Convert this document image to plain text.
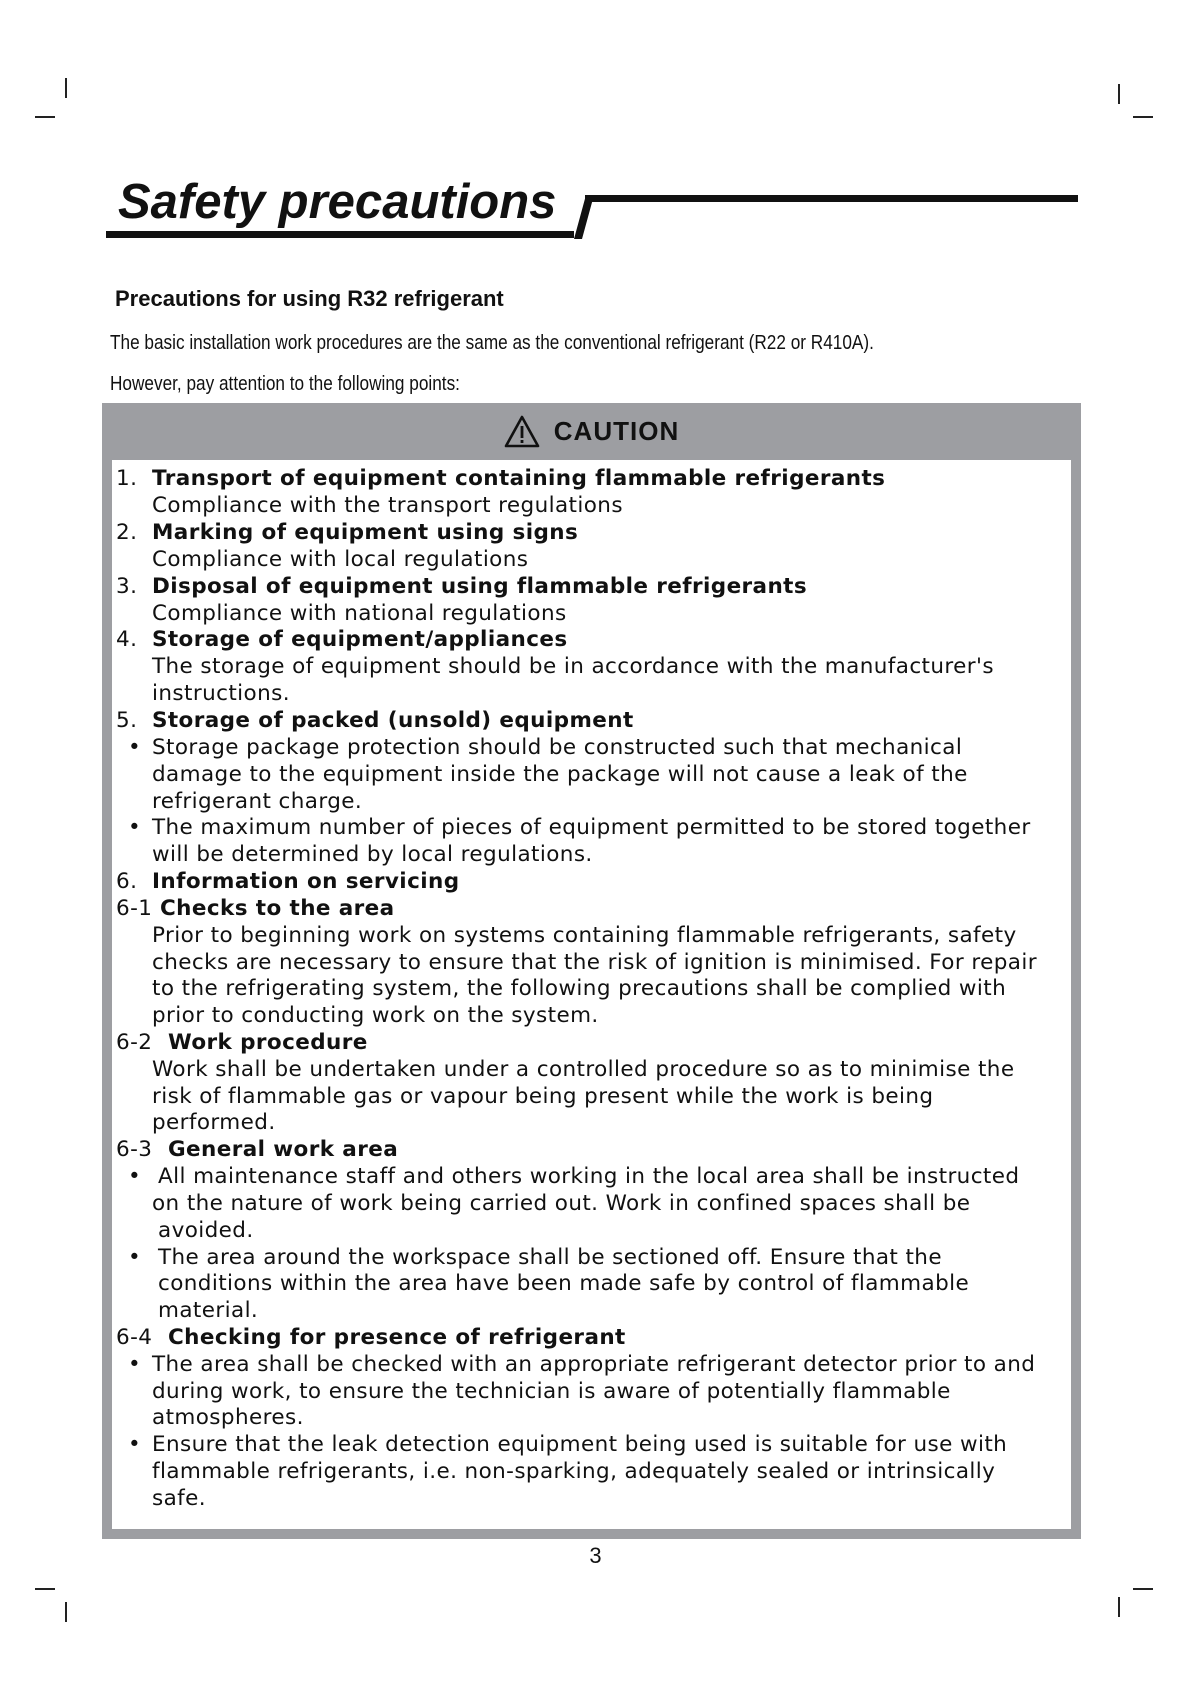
Safety precautions
Precautions for using R32 refrigerant
The basic installation work procedures are the same as the conventional refrigerant (R22 or R410A).
However, pay attention to the following points:
CAUTION
1. Transport of equipment containing flammable refrigerants
Compliance with the transport regulations
2. Marking of equipment using signs
Compliance with local regulations
3. Disposal of equipment using flammable refrigerants
Compliance with national regulations
4. Storage of equipment/appliances
The storage of equipment should be in accordance with the manufacturer's
instructions.
5. Storage of packed (unsold) equipment
• Storage package protection should be constructed such that mechanical
damage to the equipment inside the package will not cause a leak of the
refrigerant charge.
• The maximum number of pieces of equipment permitted to be stored together
will be determined by local regulations.
6. Information on servicing
6-1 Checks to the area
Prior to beginning work on systems containing flammable refrigerants, safety
checks are necessary to ensure that the risk of ignition is minimised. For repair
to the refrigerating system, the following precautions shall be complied with
prior to conducting work on the system.
6-2 Work procedure
Work shall be undertaken under a controlled procedure so as to minimise the
risk of flammable gas or vapour being present while the work is being
performed.
6-3 General work area
• All maintenance staff and others working in the local area shall be instructed
on the nature of work being carried out. Work in confined spaces shall be
avoided.
• The area around the workspace shall be sectioned off. Ensure that the
conditions within the area have been made safe by control of flammable
material.
6-4 Checking for presence of refrigerant
• The area shall be checked with an appropriate refrigerant detector prior to and
during work, to ensure the technician is aware of potentially flammable
atmospheres.
• Ensure that the leak detection equipment being used is suitable for use with
flammable refrigerants, i.e. non-sparking, adequately sealed or intrinsically
safe.
3
